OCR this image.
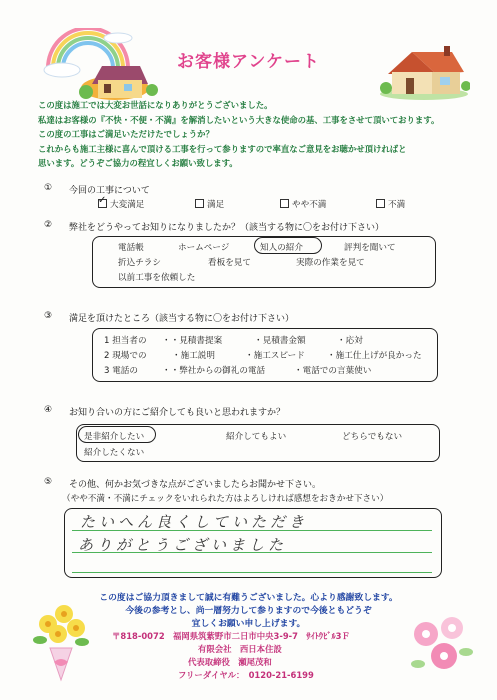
お客様アンケート
この度は施工では大変お世話になりありがとうございました。
私達はお客様の『不快・不便・不満』を解消したいという大きな使命の基、工事をさせて頂いております。
この度の工事はご満足いただけたでしょうか？
これからも施工主様に喜んで頂ける工事を行って参りますので率直なご意見をお聴かせ頂ければと
思います。どうぞご協力の程宜しくお願い致します。
① 今回の工事について
✓大変満足	満足	やや不満	不満
② 弊社をどうやってお知りになりましたか？（該当する物に〇をお付け下さい）
電話帳	ホームページ	知人の紹介	評判を聞いて
折込チラシ	看板を見て	実際の作業を見て
以前工事を依頼した
③ 満足を頂けたところ（該当する物に〇をお付け下さい）
1 担当者の ・・見積書提案	・見積書金額	・応対
2 現場での	・施工説明	・施工スピード	・施工仕上げが良かった
3 電話の	・・弊社からの御礼の電話	・電話での言葉使い
④ お知り合いの方にご紹介しても良いと思われますか？
是非紹介したい	紹介してもよい	どちらでもない
紹介したくない
⑤ その他、何かお気づきな点がございましたらお聞かせ下さい。
（やや不満・不満にチェックをいれられた方はよろしければ感想をおきかせ下さい）
たいへん良くしていただき
ありがとうございました
この度はご協力頂きまして誠に有難うございました。心より感謝致します。
今後の参考とし、尚一層努力して参りますので今後ともどうぞ
宜しくお願い申し上げます。
〒818-0072　福岡県筑紫野市二日市中央3-9-7　ｻｲﾄｳﾋﾞﾙ3Ｆ
有限会社　西日本住設
代表取締役　瀬尾茂和
フリーダイヤル：　0120-21-6199
